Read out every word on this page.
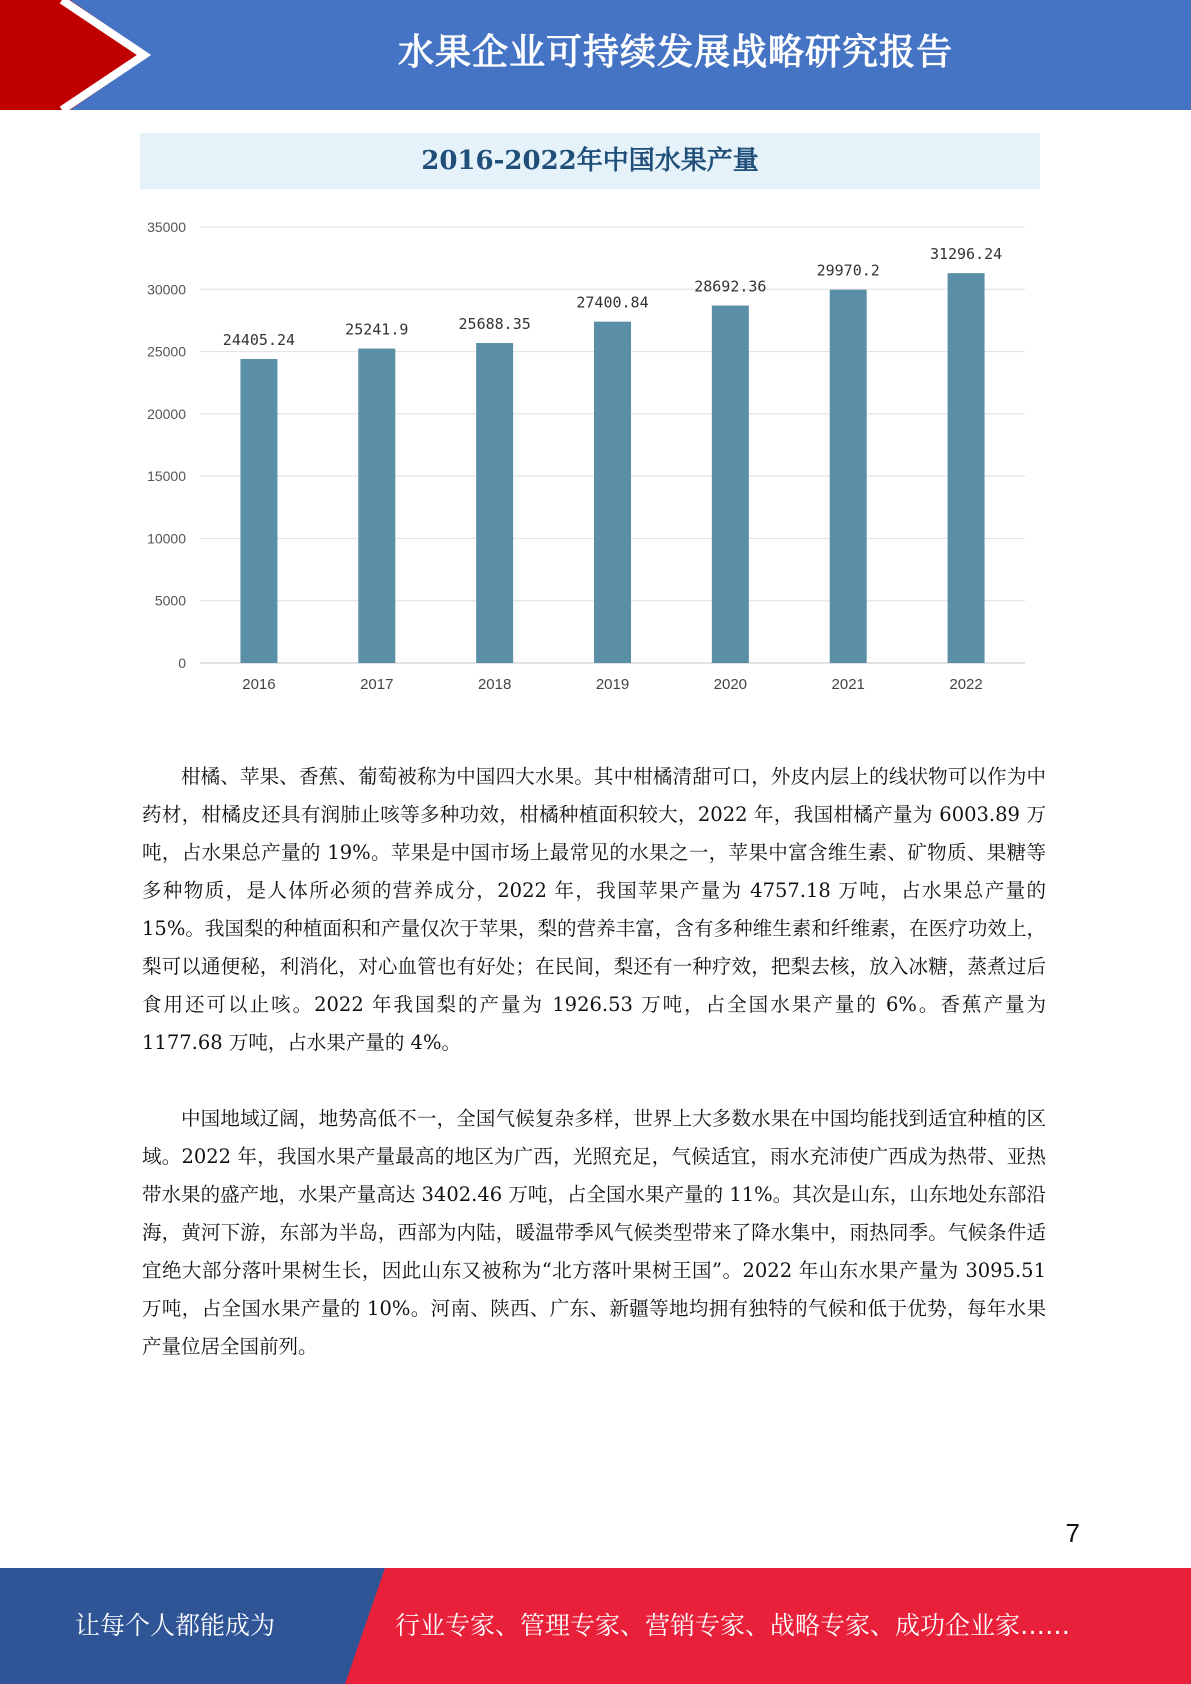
水果企业可持续发展战略研究报告
2016-2022年中国水果产量
0
5000
10000
15000
20000
25000
30000
35000
24405.24
2016
25241.9
2017
25688.35
2018
27400.84
2019
28692.36
2020
29970.2
2021
31296.24
2022

柑橘、苹果、香蕉、葡萄被称为中国四大水果。其中柑橘清甜可口，外皮内层上的线状物可以作为中药材，柑橘皮还具有润肺止咳等多种功效，柑橘种植面积较大，2022 年，我国柑橘产量为 6003.89 万吨，占水果总产量的 19%。苹果是中国市场上最常见的水果之一，苹果中富含维生素、矿物质、果糖等多种物质，是人体所必须的营养成分，2022 年，我国苹果产量为 4757.18 万吨，占水果总产量的 15%。我国梨的种植面积和产量仅次于苹果，梨的营养丰富，含有多种维生素和纤维素，在医疗功效上，梨可以通便秘，利消化，对心血管也有好处；在民间，梨还有一种疗效，把梨去核，放入冰糖，蒸煮过后食用还可以止咳。2022 年我国梨的产量为 1926.53 万吨，占全国水果产量的 6%。香蕉产量为 1177.68 万吨，占水果产量的 4%。

中国地域辽阔，地势高低不一，全国气候复杂多样，世界上大多数水果在中国均能找到适宜种植的区域。2022 年，我国水果产量最高的地区为广西，光照充足，气候适宜，雨水充沛使广西成为热带、亚热带水果的盛产地，水果产量高达 3402.46 万吨，占全国水果产量的 11%。其次是山东，山东地处东部沿海，黄河下游，东部为半岛，西部为内陆，暖温带季风气候类型带来了降水集中，雨热同季。气候条件适宜绝大部分落叶果树生长，因此山东又被称为“北方落叶果树王国”。2022 年山东水果产量为 3095.51 万吨，占全国水果产量的 10%。河南、陕西、广东、新疆等地均拥有独特的气候和低于优势，每年水果产量位居全国前列。

7
让每个人都能成为	行业专家、管理专家、营销专家、战略专家、成功企业家……
